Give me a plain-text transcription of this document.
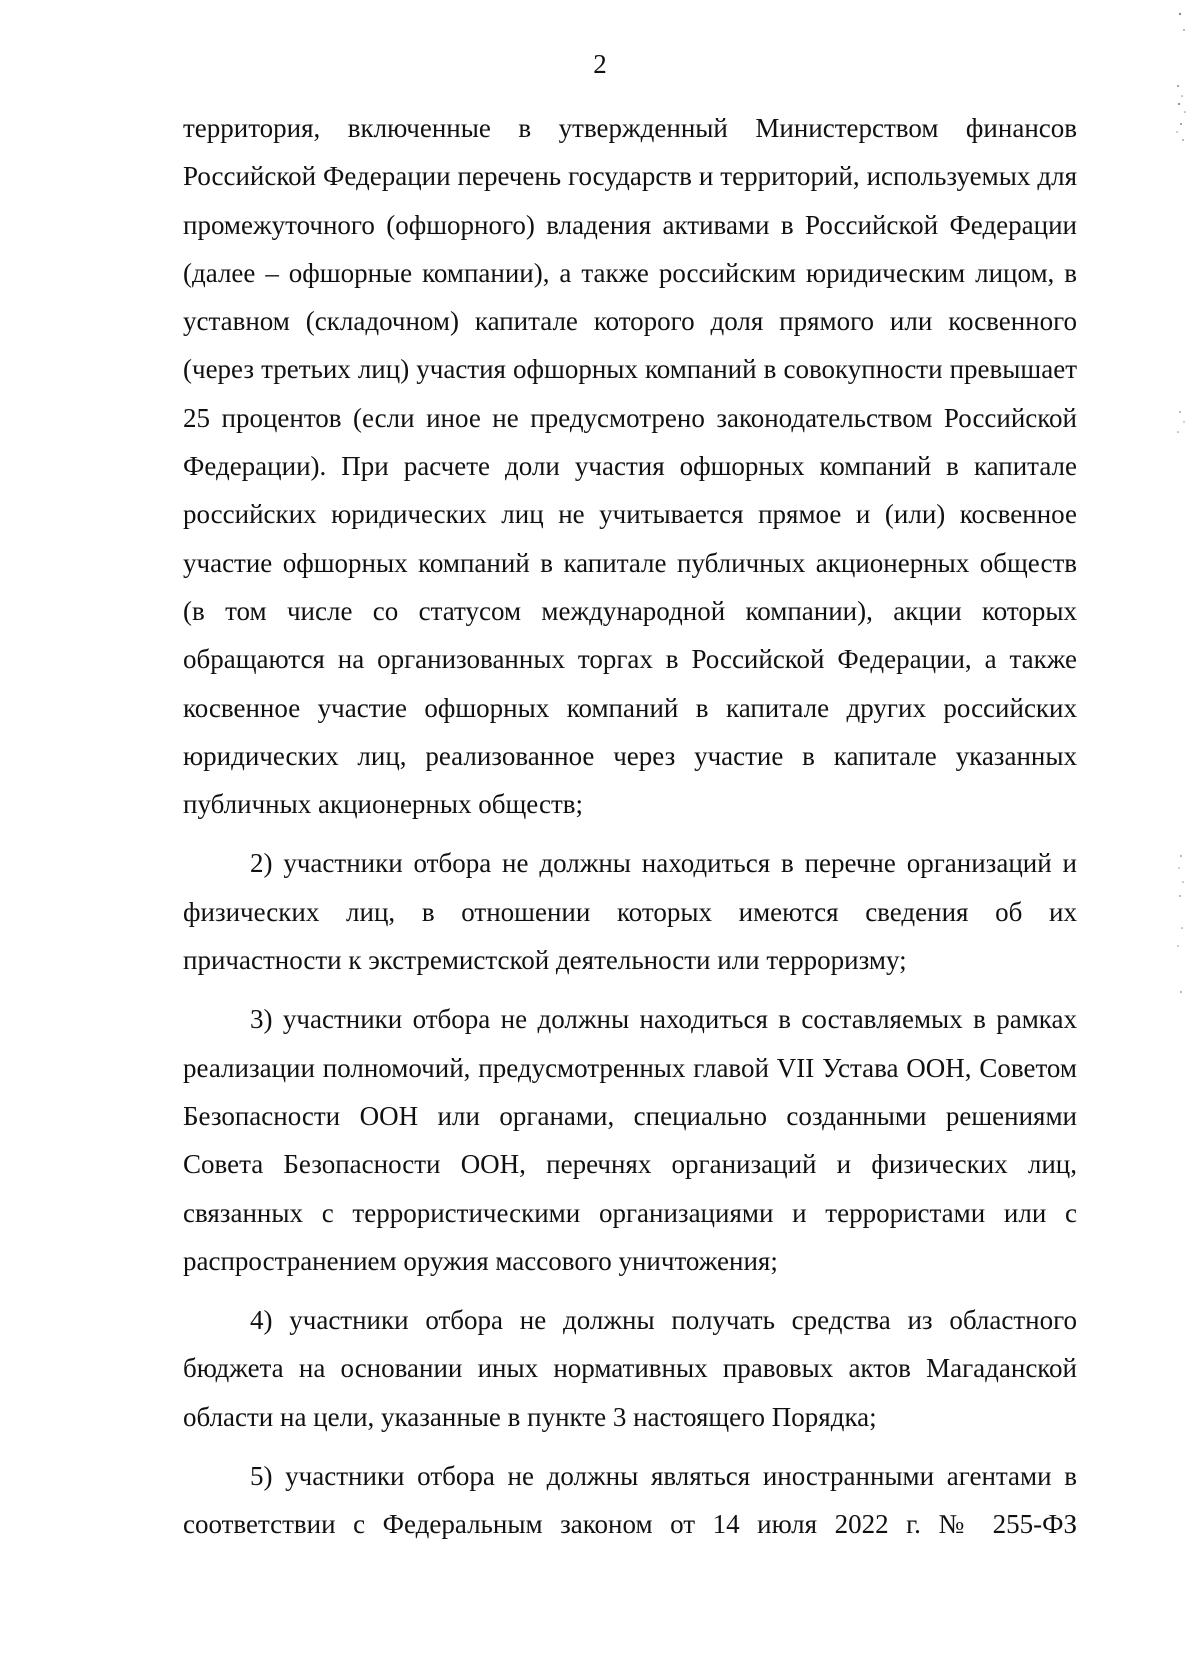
2

территория, включенные в утвержденный Министерством финансов Российской Федерации перечень государств и территорий, используемых для промежуточного (офшорного) владения активами в Российской Федерации (далее – офшорные компании), а также российским юридическим лицом, в уставном (складочном) капитале которого доля прямого или косвенного (через третьих лиц) участия офшорных компаний в совокупности превышает 25 процентов (если иное не предусмотрено законодательством Российской Федерации). При расчете доли участия офшорных компаний в капитале российских юридических лиц не учитывается прямое и (или) косвенное участие офшорных компаний в капитале публичных акционерных обществ (в том числе со статусом международной компании), акции которых обращаются на организованных торгах в Российской Федерации, а также косвенное участие офшорных компаний в капитале других российских юридических лиц, реализованное через участие в капитале указанных публичных акционерных обществ;

2) участники отбора не должны находиться в перечне организаций и физических лиц, в отношении которых имеются сведения об их причастности к экстремистской деятельности или терроризму;

3) участники отбора не должны находиться в составляемых в рамках реализации полномочий, предусмотренных главой VII Устава ООН, Советом Безопасности ООН или органами, специально созданными решениями Совета Безопасности ООН, перечнях организаций и физических лиц, связанных с террористическими организациями и террористами или с распространением оружия массового уничтожения;

4) участники отбора не должны получать средства из областного бюджета на основании иных нормативных правовых актов Магаданской области на цели, указанные в пункте 3 настоящего Порядка;

5) участники отбора не должны являться иностранными агентами в соответствии с Федеральным законом от 14 июля 2022 г. № 255-ФЗ
